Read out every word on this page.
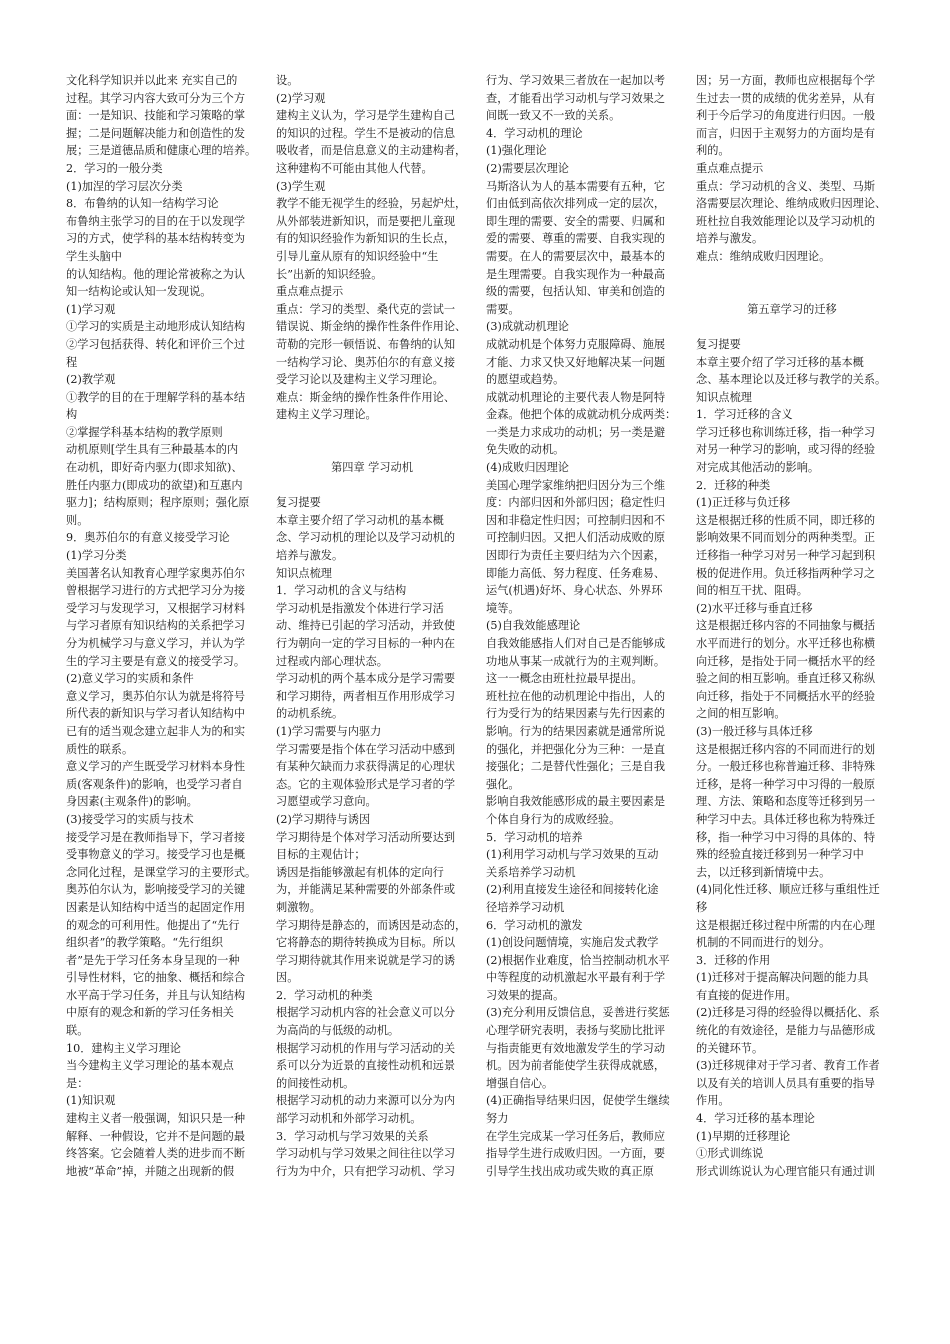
文化科学知识并以此来 充实自己的
过程。其学习内容大致可分为三个方
面：一是知识、技能和学习策略的掌
握；二是问题解决能力和创造性的发
展；三是道德品质和健康心理的培养。
2．学习的一般分类
(1)加涅的学习层次分类
8．布鲁纳的认知一结构学习论
布鲁纳主张学习的目的在于以发现学
习的方式，使学科的基本结构转变为
学生头脑中
的认知结构。他的理论常被称之为认
知一结构论或认知一发现说。
(1)学习观
①学习的实质是主动地形成认知结构
②学习包括获得、转化和评价三个过
程
(2)教学观
①教学的目的在于理解学科的基本结
构
②掌握学科基本结构的教学原则
动机原则[学生具有三种最基本的内
在动机，即好奇内驱力(即求知欲)、
胜任内驱力(即成功的欲望)和互惠内
驱力]；结构原则；程序原则；强化原
则。
9．奥苏伯尔的有意义接受学习论
(1)学习分类
美国著名认知教育心理学家奥苏伯尔
曾根据学习进行的方式把学习分为接
受学习与发现学习，又根据学习材料
与学习者原有知识结构的关系把学习
分为机械学习与意义学习，并认为学
生的学习主要是有意义的接受学习。
(2)意义学习的实质和条件
意义学习，奥苏伯尔认为就是将符号
所代表的新知识与学习者认知结构中
已有的适当观念建立起非人为的和实
质性的联系。
意义学习的产生既受学习材料本身性
质(客观条件)的影响，也受学习者自
身因素(主观条件)的影响。
(3)接受学习的实质与技术
接受学习是在教师指导下，学习者接
受事物意义的学习。接受学习也是概
念同化过程，是课堂学习的主要形式。
奥苏伯尔认为，影响接受学习的关键
因素是认知结构中适当的起固定作用
的观念的可利用性。他提出了“先行
组织者”的教学策略。“先行组织
者”是先于学习任务本身呈现的一种
引导性材料，它的抽象、概括和综合
水平高于学习任务，并且与认知结构
中原有的观念和新的学习任务相关
联。
10．建构主义学习理论
当今建构主义学习理论的基本观点
是：
(1)知识观
建构主义者一般强调，知识只是一种
解释、一种假设，它并不是问题的最
终答案。它会随着人类的进步而不断
地被“革命”掉，并随之出现新的假
设。
(2)学习观
建构主义认为，学习是学生建构自己
的知识的过程。学生不是被动的信息
吸收者，而是信息意义的主动建构者，
这种建构不可能由其他人代替。
(3)学生观
教学不能无视学生的经验，另起炉灶，
从外部装进新知识，而是要把儿童现
有的知识经验作为新知识的生长点，
引导儿童从原有的知识经验中“生
长”出新的知识经验。
重点难点提示
重点：学习的类型、桑代克的尝试一
错误说、斯金纳的操作性条件作用论、
苛勒的完形一顿悟说、布鲁纳的认知
一结构学习论、奥苏伯尔的有意义接
受学习论以及建构主义学习理论。
难点：斯金纳的操作性条件作用论、
建构主义学习理论。
第四章 学习动机
复习提要
本章主要介绍了学习动机的基本概
念、学习动机的理论以及学习动机的
培养与激发。
知识点梳理
1．学习动机的含义与结构
学习动机是指激发个体进行学习活
动、维持已引起的学习活动，并致使
行为朝向一定的学习目标的一种内在
过程或内部心理状态。
学习动机的两个基本成分是学习需要
和学习期待，两者相互作用形成学习
的动机系统。
(1)学习需要与内驱力
学习需要是指个体在学习活动中感到
有某种欠缺而力求获得满足的心理状
态。它的主观体验形式是学习者的学
习愿望或学习意向。
(2)学习期待与诱因
学习期待是个体对学习活动所要达到
目标的主观估计；
诱因是指能够激起有机体的定向行
为，并能满足某种需要的外部条件或
刺激物。
学习期待是静态的，而诱因是动态的，
它将静态的期待转换成为目标。所以
学习期待就其作用来说就是学习的诱
因。
2．学习动机的种类
根据学习动机内容的社会意义可以分
为高尚的与低级的动机。
根据学习动机的作用与学习活动的关
系可以分为近景的直接性动机和远景
的间接性动机。
根据学习动机的动力来源可以分为内
部学习动机和外部学习动机。
3．学习动机与学习效果的关系
学习动机与学习效果之间往往以学习
行为为中介，只有把学习动机、学习
行为、学习效果三者放在一起加以考
查，才能看出学习动机与学习效果之
间既一致又不一致的关系。
4．学习动机的理论
(1)强化理论
(2)需要层次理论
马斯洛认为人的基本需要有五种，它
们由低到高依次排列成一定的层次，
即生理的需要、安全的需要、归属和
爱的需要、尊重的需要、自我实现的
需要。在人的需要层次中，最基本的
是生理需要。自我实现作为一种最高
级的需要，包括认知、审美和创造的
需要。
(3)成就动机理论
成就动机是个体努力克服障碍、施展
才能、力求又快又好地解决某一问题
的愿望或趋势。
成就动机理论的主要代表人物是阿特
金森。他把个体的成就动机分成两类：
一类是力求成功的动机；另一类是避
免失败的动机。
(4)成败归因理论
美国心理学家维纳把归因分为三个维
度：内部归因和外部归因；稳定性归
因和非稳定性归因；可控制归因和不
可控制归因。又把人们活动成败的原
因即行为责任主要归结为六个因素，
即能力高低、努力程度、任务难易、
运气(机遇)好坏、身心状态、外界环
境等。
(5)自我效能感理论
自我效能感指人们对自己是否能够成
功地从事某一成就行为的主观判断。
这一一概念由班杜拉最早提出。
班杜拉在他的动机理论中指出，人的
行为受行为的结果因素与先行因素的
影响。行为的结果因素就是通常所说
的强化，并把强化分为三种：一是直
接强化；二是替代性强化；三是自我
强化。
影响自我效能感形成的最主要因素是
个体自身行为的成败经验。
5．学习动机的培养
(1)利用学习动机与学习效果的互动
关系培养学习动机
(2)利用直接发生途径和间接转化途
径培养学习动机
6．学习动机的激发
(1)创设问题情境，实施启发式教学
(2)根据作业难度，恰当控制动机水平
中等程度的动机激起水平最有利于学
习效果的提高。
(3)充分利用反馈信息，妥善进行奖惩
心理学研究表明，表扬与奖励比批评
与指责能更有效地激发学生的学习动
机。因为前者能使学生获得成就感，
增强自信心。
(4)正确指导结果归因，促使学生继续
努力
在学生完成某一学习任务后，教师应
指导学生进行成败归因。一方面，要
引导学生找出成功或失败的真正原
因；另一方面，教师也应根据每个学
生过去一贯的成绩的优劣差异，从有
利于今后学习的角度进行归因。一般
而言，归因于主观努力的方面均是有
利的。
重点难点提示
重点：学习动机的含义、类型、马斯
洛需要层次理论、维纳成败归因理论、
班杜拉自我效能理论以及学习动机的
培养与激发。
难点：维纳成败归因理论。
第五章学习的迁移
复习提要
本章主要介绍了学习迁移的基本概
念、基本理论以及迁移与教学的关系。
知识点梳理
1．学习迁移的含义
学习迁移也称训练迁移，指一种学习
对另一种学习的影响，或习得的经验
对完成其他活动的影响。
2．迁移的种类
(1)正迁移与负迁移
这是根据迁移的性质不同，即迁移的
影响效果不同而划分的两种类型。正
迁移指一种学习对另一种学习起到积
极的促进作用。负迁移指两种学习之
间的相互干扰、阻碍。
(2)水平迁移与垂直迁移
这是根据迁移内容的不同抽象与概括
水平而进行的划分。水平迁移也称横
向迁移，是指处于同一概括水平的经
验之间的相互影响。垂直迁移又称纵
向迁移，指处于不同概括水平的经验
之间的相互影响。
(3)一般迁移与具体迁移
这是根据迁移内容的不同而进行的划
分。一般迁移也称普遍迁移、非特殊
迁移，是将一种学习中习得的一般原
理、方法、策略和态度等迁移到另一
种学习中去。具体迁移也称为特殊迁
移，指一种学习中习得的具体的、特
殊的经验直接迁移到另一种学习中
去，以迁移到新情境中去。
(4)同化性迁移、顺应迁移与重组性迁
移
这是根据迁移过程中所需的内在心理
机制的不同而进行的划分。
3．迁移的作用
(1)迁移对于提高解决问题的能力具
有直接的促进作用。
(2)迁移是习得的经验得以概括化、系
统化的有效途径，是能力与品德形成
的关键环节。
(3)迁移规律对于学习者、教育工作者
以及有关的培训人员具有重要的指导
作用。
4．学习迁移的基本理论
(1)早期的迁移理论
①形式训练说
形式训练说认为心理官能只有通过训
